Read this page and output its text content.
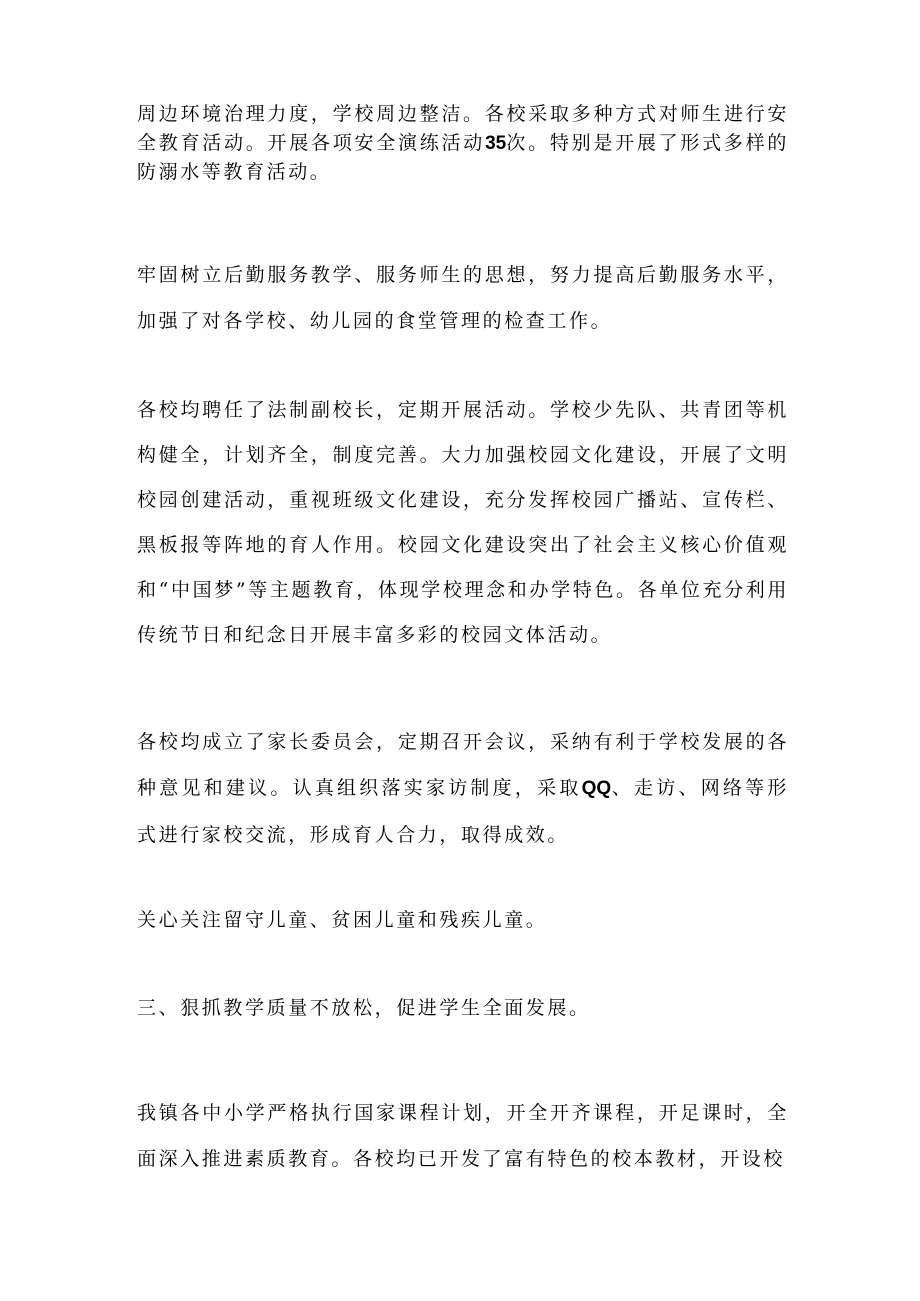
周边环境治理力度，学校周边整洁。各校采取多种方式对师生进行安全教育活动。开展各项安全演练活动35次。特别是开展了形式多样的防溺水等教育活动。

牢固树立后勤服务教学、服务师生的思想，努力提高后勤服务水平，加强了对各学校、幼儿园的食堂管理的检查工作。

各校均聘任了法制副校长，定期开展活动。学校少先队、共青团等机构健全，计划齐全，制度完善。大力加强校园文化建设，开展了文明校园创建活动，重视班级文化建设，充分发挥校园广播站、宣传栏、黑板报等阵地的育人作用。校园文化建设突出了社会主义核心价值观和“中国梦”等主题教育，体现学校理念和办学特色。各单位充分利用传统节日和纪念日开展丰富多彩的校园文体活动。

各校均成立了家长委员会，定期召开会议，采纳有利于学校发展的各种意见和建议。认真组织落实家访制度，采取QQ、走访、网络等形式进行家校交流，形成育人合力，取得成效。

关心关注留守儿童、贫困儿童和残疾儿童。

三、狠抓教学质量不放松，促进学生全面发展。

我镇各中小学严格执行国家课程计划，开全开齐课程，开足课时，全面深入推进素质教育。各校均已开发了富有特色的校本教材，开设校
